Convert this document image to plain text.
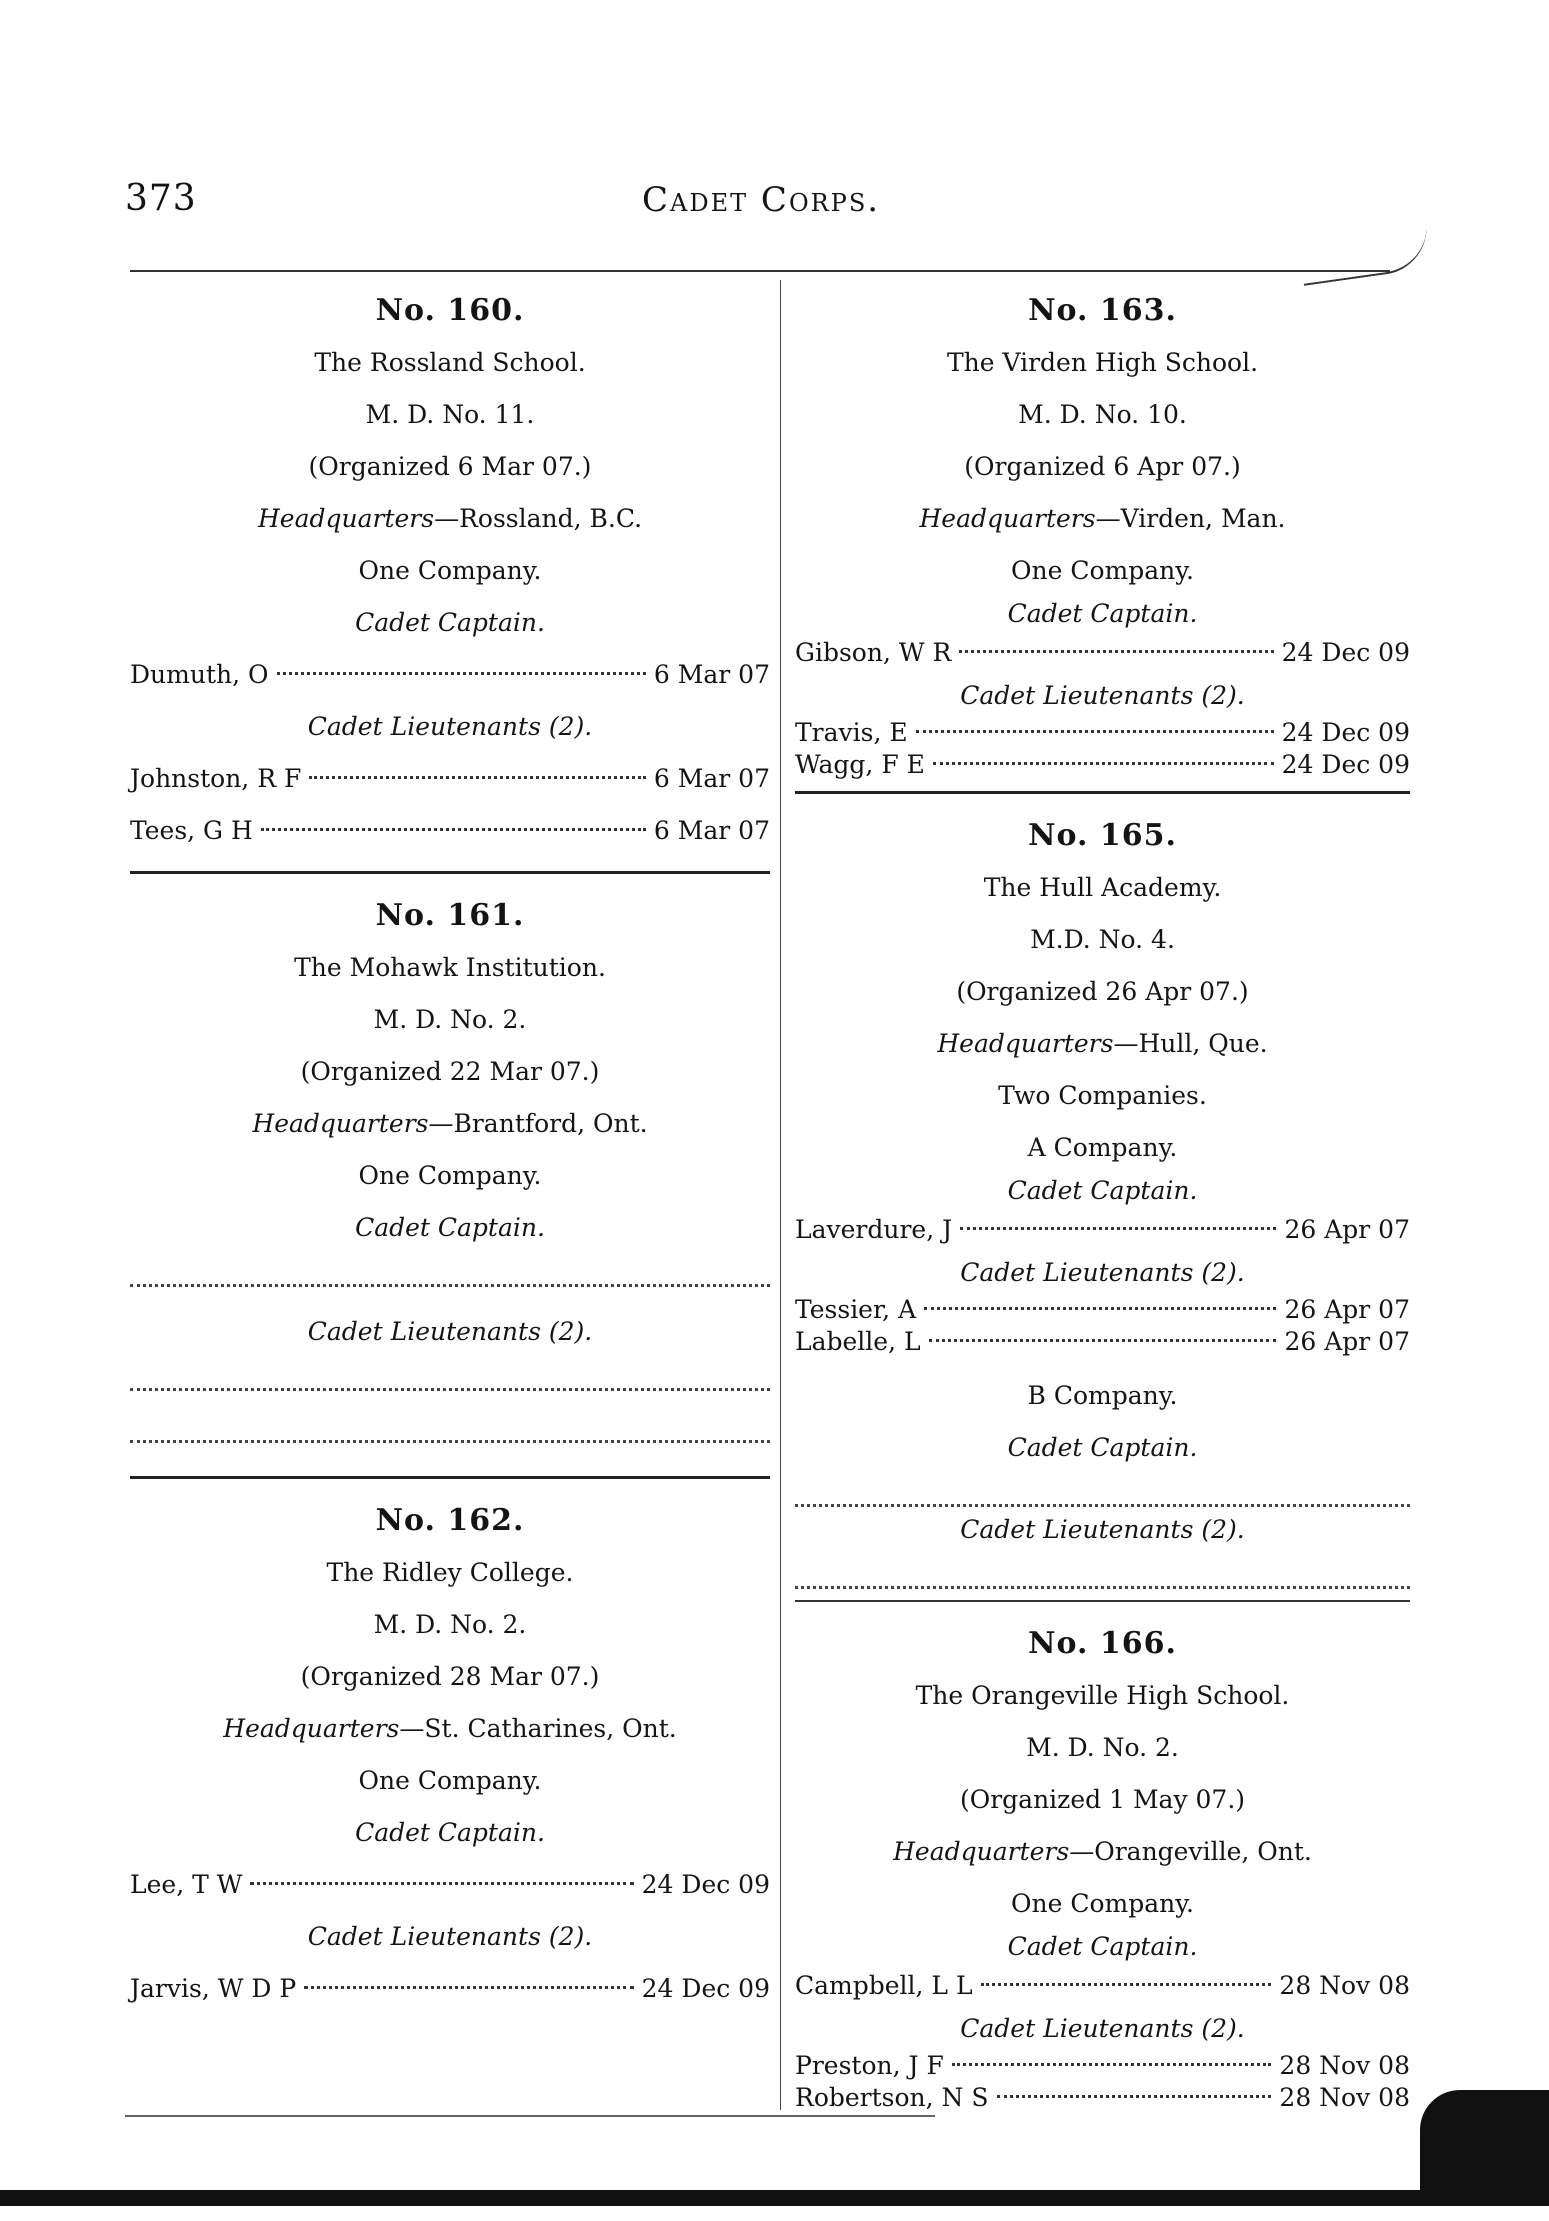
373	Cadet Corps.
No. 160.
The Rossland School.
M. D. No. 11.
(Organized 6 Mar 07.)
Headquarters—Rossland, B.C.
One Company.
Cadet Captain.
Dumuth, O	6 Mar 07
Cadet Lieutenants (2).
Johnston, R F	6 Mar 07
Tees, G H	6 Mar 07
No. 161.
The Mohawk Institution.
M. D. No. 2.
(Organized 22 Mar 07.)
Headquarters—Brantford, Ont.
One Company.
Cadet Captain.
Cadet Lieutenants (2).
No. 162.
The Ridley College.
M. D. No. 2.
(Organized 28 Mar 07.)
Headquarters—St. Catharines, Ont.
One Company.
Cadet Captain.
Lee, T W	24 Dec 09
Cadet Lieutenants (2).
Jarvis, W D P	24 Dec 09
No. 163.
The Virden High School.
M. D. No. 10.
(Organized 6 Apr 07.)
Headquarters—Virden, Man.
One Company.
Cadet Captain.
Gibson, W R	24 Dec 09
Cadet Lieutenants (2).
Travis, E	24 Dec 09
Wagg, F E	24 Dec 09
No. 165.
The Hull Academy.
M.D. No. 4.
(Organized 26 Apr 07.)
Headquarters—Hull, Que.
Two Companies.
A Company.
Cadet Captain.
Laverdure, J	26 Apr 07
Cadet Lieutenants (2).
Tessier, A	26 Apr 07
Labelle, L	26 Apr 07
B Company.
Cadet Captain.
Cadet Lieutenants (2).
No. 166.
The Orangeville High School.
M. D. No. 2.
(Organized 1 May 07.)
Headquarters—Orangeville, Ont.
One Company.
Cadet Captain.
Campbell, L L	28 Nov 08
Cadet Lieutenants (2).
Preston, J F	28 Nov 08
Robertson, N S	28 Nov 08
